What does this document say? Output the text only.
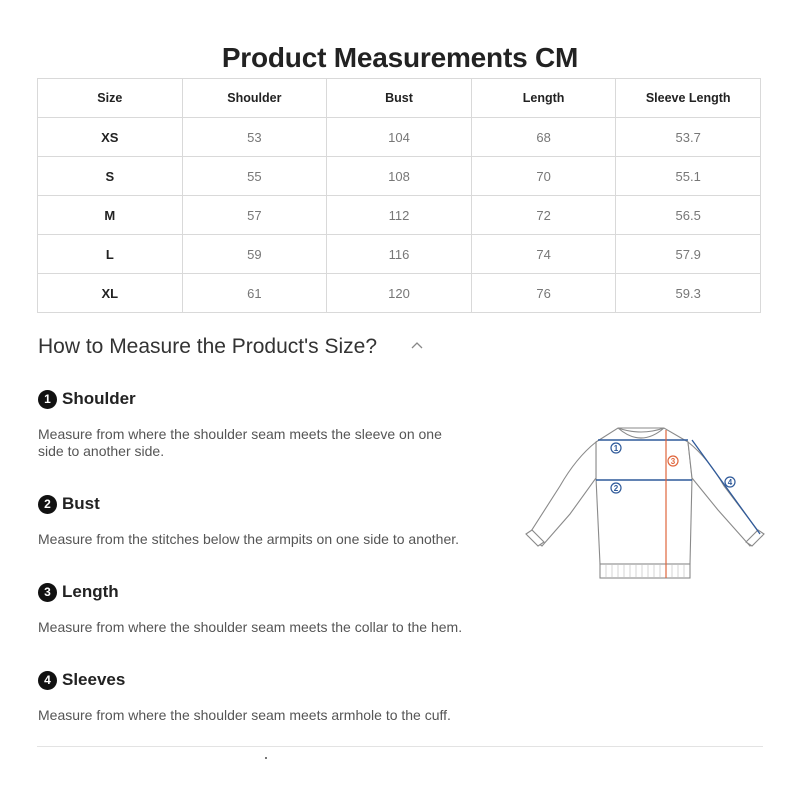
Product Measurements CM
Size	Shoulder	Bust	Length	Sleeve Length
XS	53	104	68	53.7
S	55	108	70	55.1
M	57	112	72	56.5
L	59	116	74	57.9
XL	61	120	76	59.3
How to Measure the Product's Size?
1 Shoulder
Measure from where the shoulder seam meets the sleeve on one side to another side.
2 Bust
Measure from the stitches below the armpits on one side to another.
3 Length
Measure from where the shoulder seam meets the collar to the hem.
4 Sleeves
Measure from where the shoulder seam meets armhole to the cuff.
1
2
3
4
